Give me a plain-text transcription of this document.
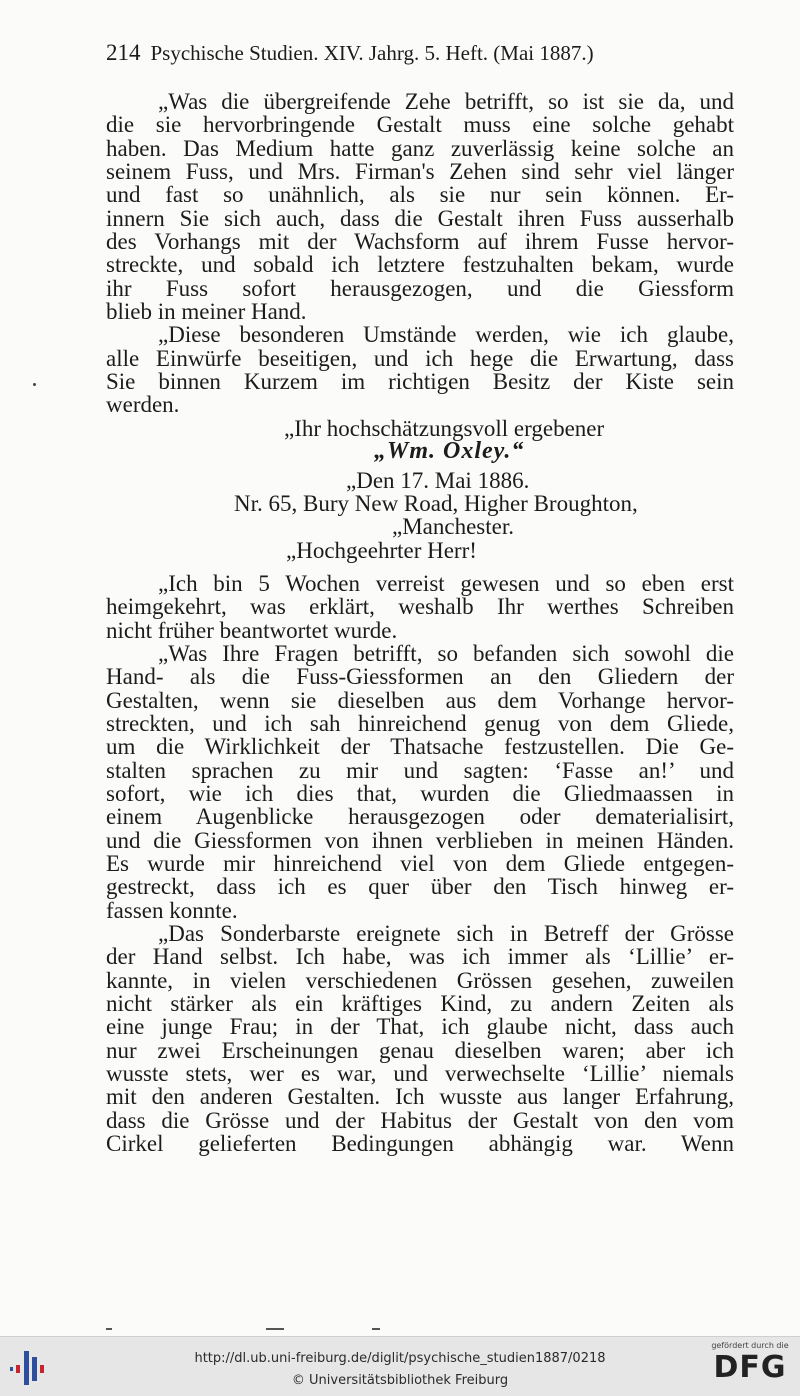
214 Psychische Studien. XIV. Jahrg. 5. Heft. (Mai 1887.)
„Was die übergreifende Zehe betrifft, so ist sie da, und
die sie hervorbringende Gestalt muss eine solche gehabt
haben. Das Medium hatte ganz zuverlässig keine solche an
seinem Fuss, und Mrs. Firman's Zehen sind sehr viel länger
und fast so unähnlich, als sie nur sein können. Er-
innern Sie sich auch, dass die Gestalt ihren Fuss ausserhalb
des Vorhangs mit der Wachsform auf ihrem Fusse hervor-
streckte, und sobald ich letztere festzuhalten bekam, wurde
ihr Fuss sofort herausgezogen, und die Giessform
blieb in meiner Hand.
„Diese besonderen Umstände werden, wie ich glaube,
alle Einwürfe beseitigen, und ich hege die Erwartung, dass
Sie binnen Kurzem im richtigen Besitz der Kiste sein
werden.
„Ihr hochschätzungsvoll ergebener
„Wm. Oxley.“
„Den 17. Mai 1886.
Nr. 65, Bury New Road, Higher Broughton,
„Manchester.
„Hochgeehrter Herr!
„Ich bin 5 Wochen verreist gewesen und so eben erst
heimgekehrt, was erklärt, weshalb Ihr werthes Schreiben
nicht früher beantwortet wurde.
„Was Ihre Fragen betrifft, so befanden sich sowohl die
Hand- als die Fuss-Giessformen an den Gliedern der
Gestalten, wenn sie dieselben aus dem Vorhange hervor-
streckten, und ich sah hinreichend genug von dem Gliede,
um die Wirklichkeit der Thatsache festzustellen. Die Ge-
stalten sprachen zu mir und sagten: ‘Fasse an!’ und
sofort, wie ich dies that, wurden die Gliedmaassen in
einem Augenblicke herausgezogen oder dematerialisirt,
und die Giessformen von ihnen verblieben in meinen Händen.
Es wurde mir hinreichend viel von dem Gliede entgegen-
gestreckt, dass ich es quer über den Tisch hinweg er-
fassen konnte.
„Das Sonderbarste ereignete sich in Betreff der Grösse
der Hand selbst. Ich habe, was ich immer als ‘Lillie’ er-
kannte, in vielen verschiedenen Grössen gesehen, zuweilen
nicht stärker als ein kräftiges Kind, zu andern Zeiten als
eine junge Frau; in der That, ich glaube nicht, dass auch
nur zwei Erscheinungen genau dieselben waren; aber ich
wusste stets, wer es war, und verwechselte ‘Lillie’ niemals
mit den anderen Gestalten. Ich wusste aus langer Erfahrung,
dass die Grösse und der Habitus der Gestalt von den vom
Cirkel gelieferten Bedingungen abhängig war. Wenn
http://dl.ub.uni-freiburg.de/diglit/psychische_studien1887/0218
© Universitätsbibliothek Freiburg
gefördert durch die
DFG
